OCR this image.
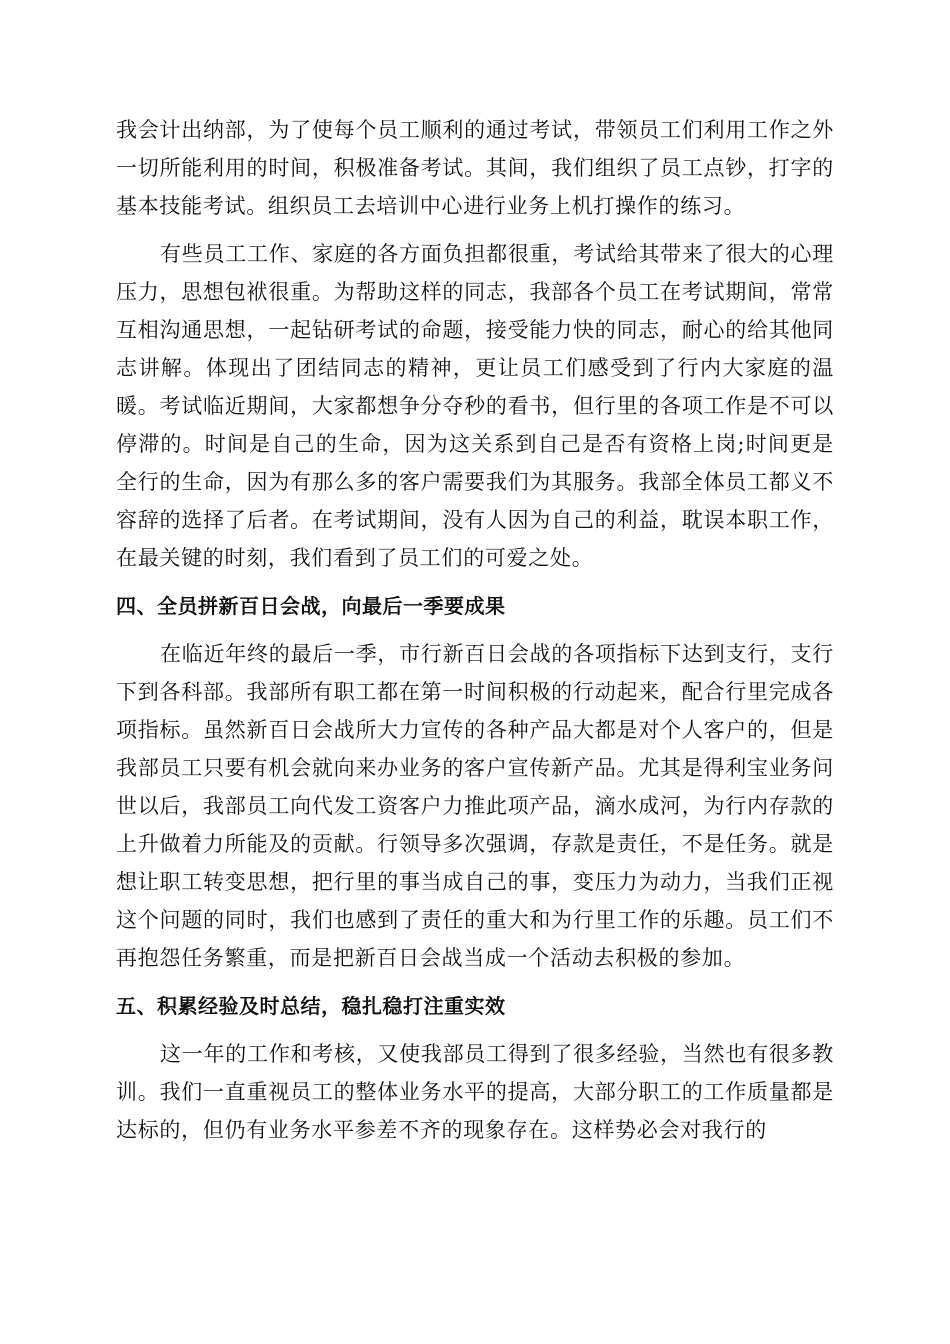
我会计出纳部，为了使每个员工顺利的通过考试，带领员工们利用工作之外一切所能利用的时间，积极准备考试。其间，我们组织了员工点钞，打字的基本技能考试。组织员工去培训中心进行业务上机打操作的练习。

有些员工工作、家庭的各方面负担都很重，考试给其带来了很大的心理压力，思想包袱很重。为帮助这样的同志，我部各个员工在考试期间，常常互相沟通思想，一起钻研考试的命题，接受能力快的同志，耐心的给其他同志讲解。体现出了团结同志的精神，更让员工们感受到了行内大家庭的温暖。考试临近期间，大家都想争分夺秒的看书，但行里的各项工作是不可以停滞的。时间是自己的生命，因为这关系到自己是否有资格上岗;时间更是全行的生命，因为有那么多的客户需要我们为其服务。我部全体员工都义不容辞的选择了后者。在考试期间，没有人因为自己的利益，耽误本职工作，在最关键的时刻，我们看到了员工们的可爱之处。

四、全员拼新百日会战，向最后一季要成果

在临近年终的最后一季，市行新百日会战的各项指标下达到支行，支行下到各科部。我部所有职工都在第一时间积极的行动起来，配合行里完成各项指标。虽然新百日会战所大力宣传的各种产品大都是对个人客户的，但是我部员工只要有机会就向来办业务的客户宣传新产品。尤其是得利宝业务问世以后，我部员工向代发工资客户力推此项产品，滴水成河，为行内存款的上升做着力所能及的贡献。行领导多次强调，存款是责任，不是任务。就是想让职工转变思想，把行里的事当成自己的事，变压力为动力，当我们正视这个问题的同时，我们也感到了责任的重大和为行里工作的乐趣。员工们不再抱怨任务繁重，而是把新百日会战当成一个活动去积极的参加。

五、积累经验及时总结，稳扎稳打注重实效

这一年的工作和考核，又使我部员工得到了很多经验，当然也有很多教训。我们一直重视员工的整体业务水平的提高，大部分职工的工作质量都是达标的，但仍有业务水平参差不齐的现象存在。这样势必会对我行的
